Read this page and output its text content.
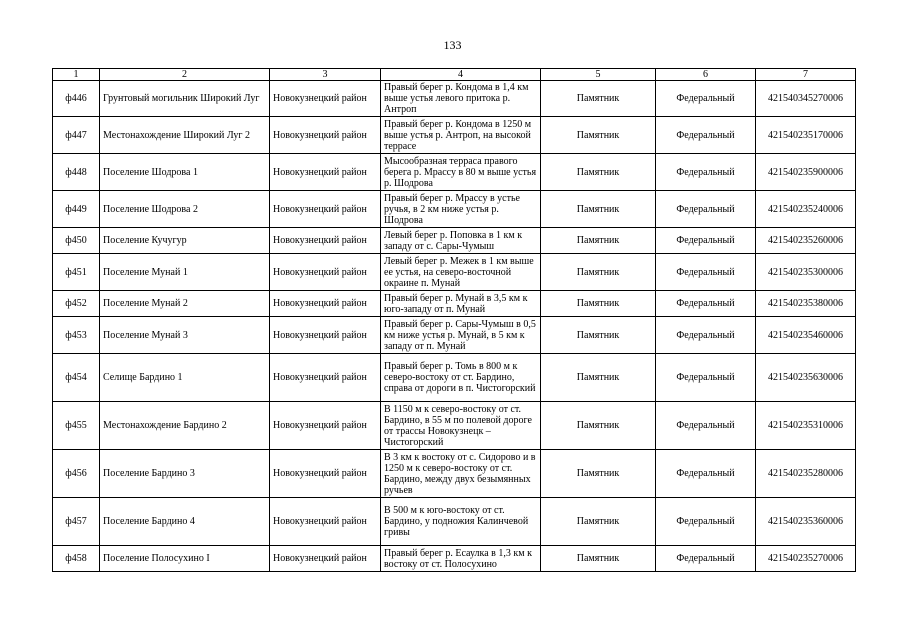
133
1	2	3	4	5	6	7
ф446	Грунтовый могильник Широкий Луг	Новокузнецкий район	Правый берег р. Кондома в 1,4 км выше устья левого притока р. Антроп	Памятник	Федеральный	421540345270006
ф447	Местонахождение Широкий Луг 2	Новокузнецкий район	Правый берег р. Кондома в 1250 м выше устья р. Антроп, на высокой террасе	Памятник	Федеральный	421540235170006
ф448	Поселение Шодрова 1	Новокузнецкий район	Мысообразная терраса правого берега р. Мрассу в 80 м выше устья р. Шодрова	Памятник	Федеральный	421540235900006
ф449	Поселение Шодрова 2	Новокузнецкий район	Правый берег р. Мрассу в устье ручья, в 2 км ниже устья р. Шодрова	Памятник	Федеральный	421540235240006
ф450	Поселение Кучугур	Новокузнецкий район	Левый берег р. Поповка в 1 км к западу от с. Сары-Чумыш	Памятник	Федеральный	421540235260006
ф451	Поселение Мунай 1	Новокузнецкий район	Левый берег р. Межек в 1 км выше ее устья, на северо-восточной окраине п. Мунай	Памятник	Федеральный	421540235300006
ф452	Поселение Мунай 2	Новокузнецкий район	Правый берег р. Мунай в 3,5 км к юго-западу от п. Мунай	Памятник	Федеральный	421540235380006
ф453	Поселение Мунай 3	Новокузнецкий район	Правый берег р. Сары-Чумыш в 0,5 км ниже устья р. Мунай, в 5 км к западу от п. Мунай	Памятник	Федеральный	421540235460006
ф454	Селище Бардино 1	Новокузнецкий район	Правый берег р. Томь в 800 м к северо-востоку от ст. Бардино, справа от дороги в п. Чистогорский	Памятник	Федеральный	421540235630006
ф455	Местонахождение Бардино 2	Новокузнецкий район	В 1150 м к северо-востоку от ст. Бардино, в 55 м по полевой дороге от трассы Новокузнецк – Чистогорский	Памятник	Федеральный	421540235310006
ф456	Поселение Бардино 3	Новокузнецкий район	В 3 км к востоку от с. Сидорово и в 1250 м к северо-востоку от ст. Бардино, между двух безымянных ручьев	Памятник	Федеральный	421540235280006
ф457	Поселение Бардино 4	Новокузнецкий район	В 500 м к юго-востоку от ст. Бардино, у подножия Калинчевой гривы	Памятник	Федеральный	421540235360006
ф458	Поселение Полосухино I	Новокузнецкий район	Правый берег р. Есаулка в 1,3 км к востоку от ст. Полосухино	Памятник	Федеральный	421540235270006
